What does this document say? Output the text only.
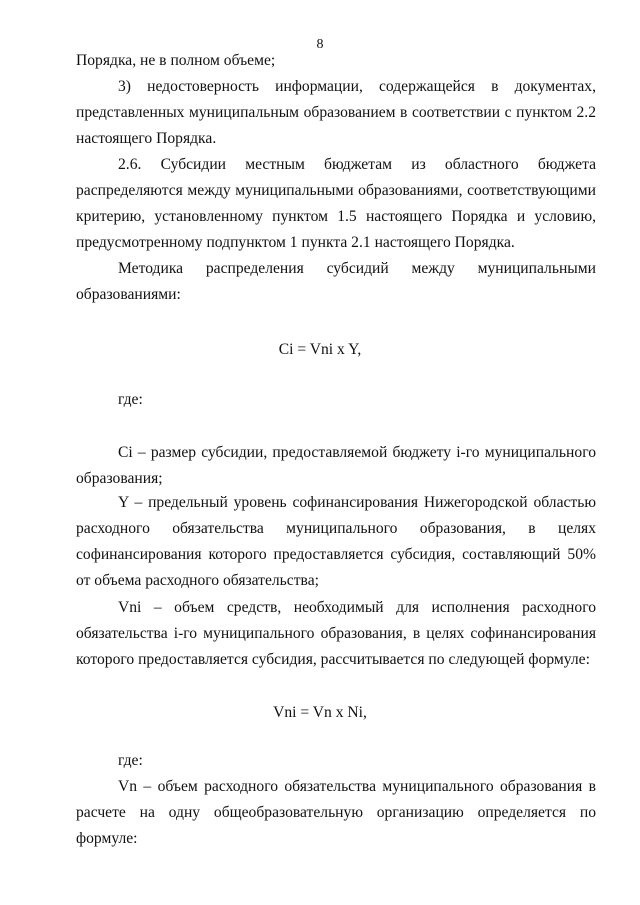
8
Порядка, не в полном объеме;
3) недостоверность информации, содержащейся в документах, представленных муниципальным образованием в соответствии с пунктом 2.2 настоящего Порядка.
2.6. Субсидии местным бюджетам из областного бюджета распределяются между муниципальными образованиями, соответствующими критерию, установленному пунктом 1.5 настоящего Порядка и условию, предусмотренному подпунктом 1 пункта 2.1 настоящего Порядка.
Методика распределения субсидий между муниципальными образованиями:
Ci = Vni x Y,
где:
Ci – размер субсидии, предоставляемой бюджету i-го муниципального образования;
Y – предельный уровень софинансирования Нижегородской областью расходного обязательства муниципального образования, в целях софинансирования которого предоставляется субсидия, составляющий 50% от объема расходного обязательства;
Vni – объем средств, необходимый для исполнения расходного обязательства i-го муниципального образования, в целях софинансирования которого предоставляется субсидия, рассчитывается по следующей формуле:
Vni = Vn x Ni,
где:
Vn – объем расходного обязательства муниципального образования в расчете на одну общеобразовательную организацию определяется по формуле:
